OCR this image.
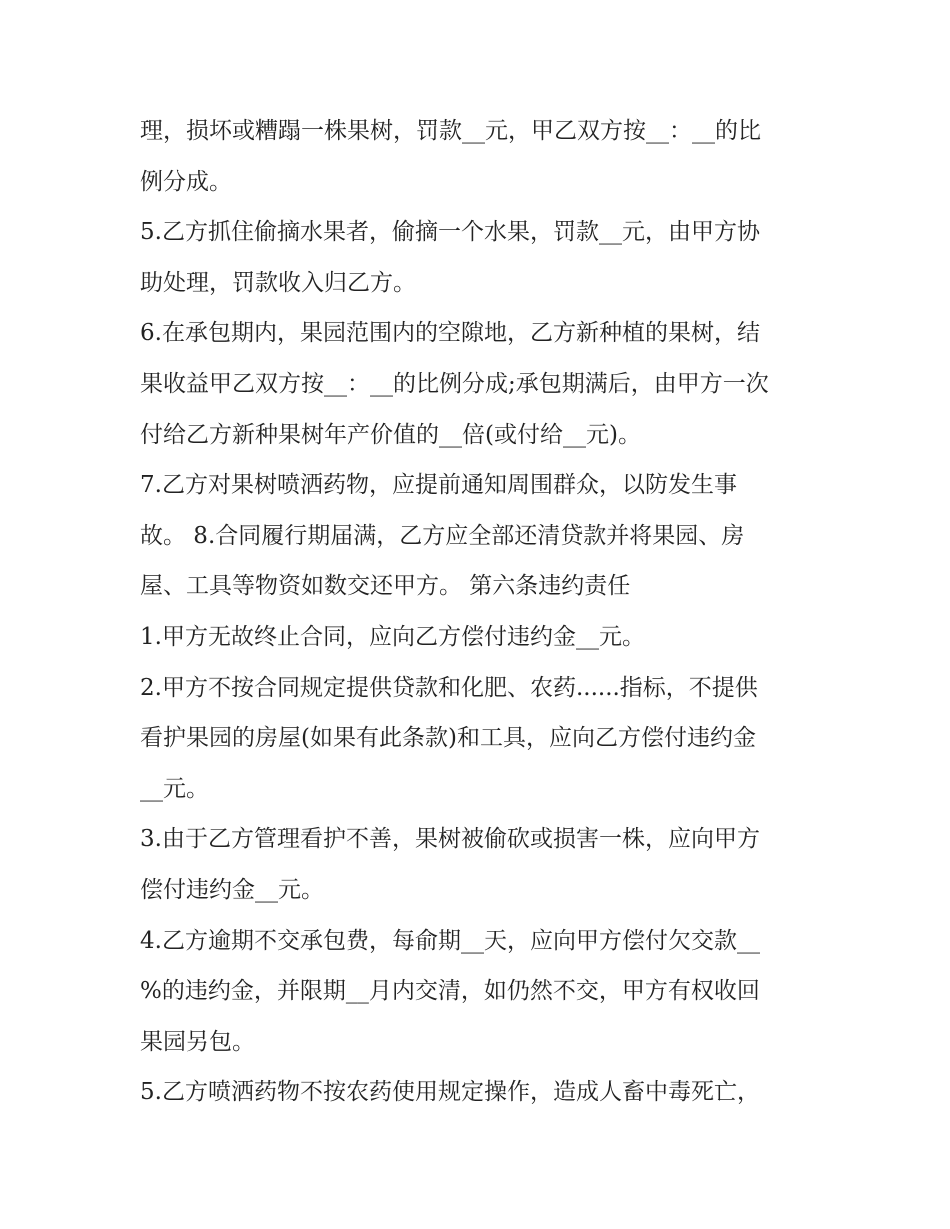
理，损坏或糟蹋一株果树，罚款__元，甲乙双方按__：__的比
例分成。
5.乙方抓住偷摘水果者，偷摘一个水果，罚款__元，由甲方协
助处理，罚款收入归乙方。
6.在承包期内，果园范围内的空隙地，乙方新种植的果树，结
果收益甲乙双方按__：__的比例分成;承包期满后，由甲方一次
付给乙方新种果树年产价值的__倍(或付给__元)。
7.乙方对果树喷洒药物，应提前通知周围群众，以防发生事
故。 8.合同履行期届满，乙方应全部还清贷款并将果园、房
屋、工具等物资如数交还甲方。 第六条违约责任
1.甲方无故终止合同，应向乙方偿付违约金__元。
2.甲方不按合同规定提供贷款和化肥、农药......指标，不提供
看护果园的房屋(如果有此条款)和工具，应向乙方偿付违约金
__元。
3.由于乙方管理看护不善，果树被偷砍或损害一株，应向甲方
偿付违约金__元。
4.乙方逾期不交承包费，每俞期__天，应向甲方偿付欠交款__
%的违约金，并限期__月内交清，如仍然不交，甲方有权收回
果园另包。
5.乙方喷洒药物不按农药使用规定操作，造成人畜中毒死亡，
